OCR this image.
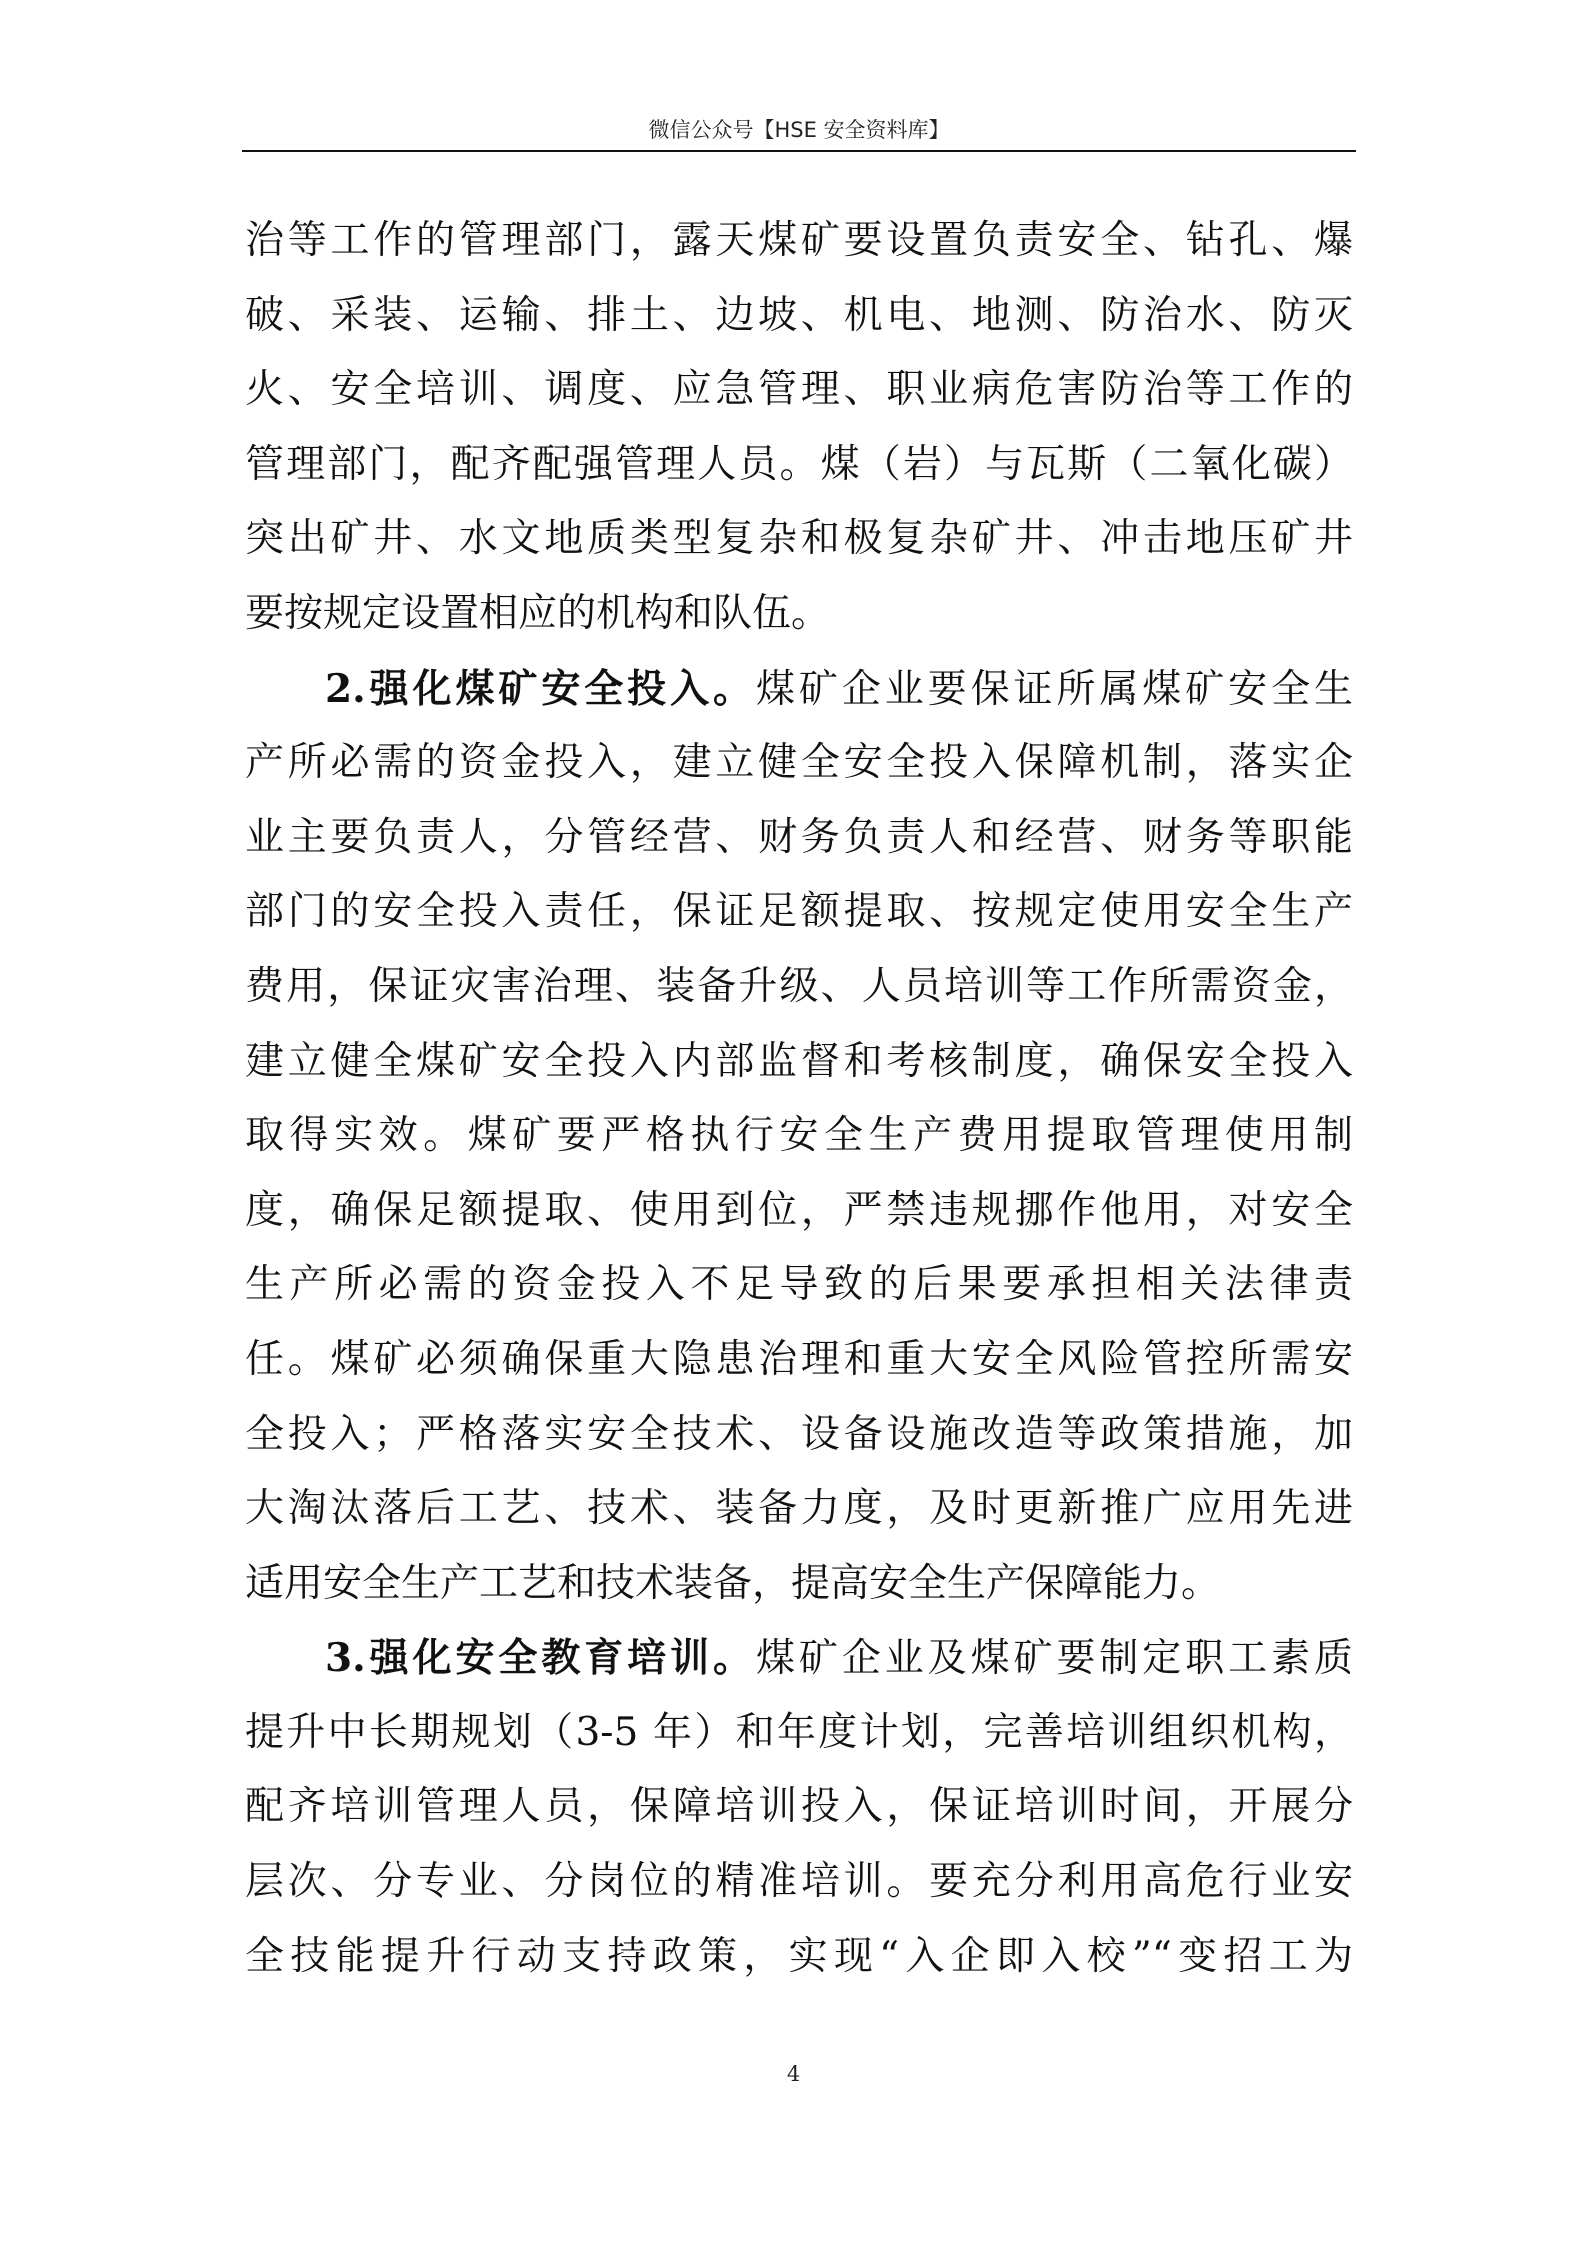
微信公众号【HSE 安全资料库】
治等工作的管理部门，露天煤矿要设置负责安全、钻孔、爆
破、采装、运输、排土、边坡、机电、地测、防治水、防灭
火、安全培训、调度、应急管理、职业病危害防治等工作的
管理部门，配齐配强管理人员。煤（岩）与瓦斯（二氧化碳）
突出矿井、水文地质类型复杂和极复杂矿井、冲击地压矿井
要按规定设置相应的机构和队伍。
2.强化煤矿安全投入。煤矿企业要保证所属煤矿安全生
产所必需的资金投入，建立健全安全投入保障机制，落实企
业主要负责人，分管经营、财务负责人和经营、财务等职能
部门的安全投入责任，保证足额提取、按规定使用安全生产
费用，保证灾害治理、装备升级、人员培训等工作所需资金，
建立健全煤矿安全投入内部监督和考核制度，确保安全投入
取得实效。煤矿要严格执行安全生产费用提取管理使用制
度，确保足额提取、使用到位，严禁违规挪作他用，对安全
生产所必需的资金投入不足导致的后果要承担相关法律责
任。煤矿必须确保重大隐患治理和重大安全风险管控所需安
全投入；严格落实安全技术、设备设施改造等政策措施，加
大淘汰落后工艺、技术、装备力度，及时更新推广应用先进
适用安全生产工艺和技术装备，提高安全生产保障能力。
3.强化安全教育培训。煤矿企业及煤矿要制定职工素质
提升中长期规划（3-5 年）和年度计划，完善培训组织机构，
配齐培训管理人员，保障培训投入，保证培训时间，开展分
层次、分专业、分岗位的精准培训。要充分利用高危行业安
全技能提升行动支持政策，实现“入企即入校”“变招工为
4
